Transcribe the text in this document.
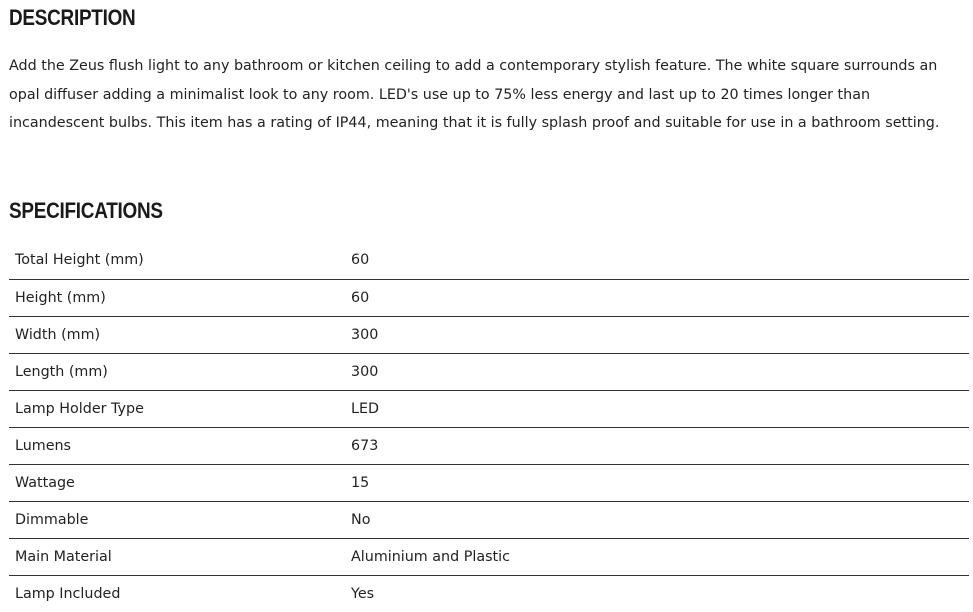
DESCRIPTION

Add the Zeus flush light to any bathroom or kitchen ceiling to add a contemporary stylish feature. The white square surrounds an
opal diffuser adding a minimalist look to any room. LED's use up to 75% less energy and last up to 20 times longer than
incandescent bulbs. This item has a rating of IP44, meaning that it is fully splash proof and suitable for use in a bathroom setting.

SPECIFICATIONS
Total Height (mm)	60
Height (mm)	60
Width (mm)	300
Length (mm)	300
Lamp Holder Type	LED
Lumens	673
Wattage	15
Dimmable	No
Main Material	Aluminium and Plastic
Lamp Included	Yes
